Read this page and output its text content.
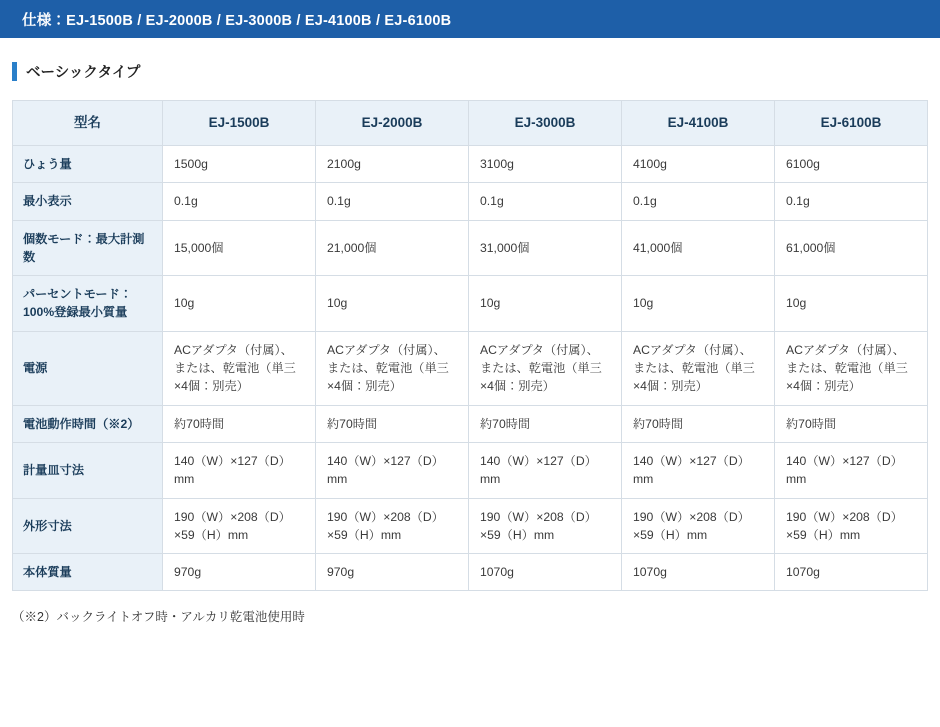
仕様：EJ-1500B / EJ-2000B / EJ-3000B / EJ-4100B / EJ-6100B
ベーシックタイプ
型名	EJ-1500B	EJ-2000B	EJ-3000B	EJ-4100B	EJ-6100B
ひょう量	1500g	2100g	3100g	4100g	6100g
最小表示	0.1g	0.1g	0.1g	0.1g	0.1g
個数モード：最大計測数	15,000個	21,000個	31,000個	41,000個	61,000個
パーセントモード：100%登録最小質量	10g	10g	10g	10g	10g
電源	ACアダプタ（付属）、または、乾電池（単三×4個：別売）	ACアダプタ（付属）、または、乾電池（単三×4個：別売）	ACアダプタ（付属）、または、乾電池（単三×4個：別売）	ACアダプタ（付属）、または、乾電池（単三×4個：別売）	ACアダプタ（付属）、または、乾電池（単三×4個：別売）
電池動作時間（※2）	約70時間	約70時間	約70時間	約70時間	約70時間
計量皿寸法	140（W）×127（D）mm	140（W）×127（D）mm	140（W）×127（D）mm	140（W）×127（D）mm	140（W）×127（D）mm
外形寸法	190（W）×208（D）×59（H）mm	190（W）×208（D）×59（H）mm	190（W）×208（D）×59（H）mm	190（W）×208（D）×59（H）mm	190（W）×208（D）×59（H）mm
本体質量	970g	970g	1070g	1070g	1070g
（※2）バックライトオフ時・アルカリ乾電池使用時
